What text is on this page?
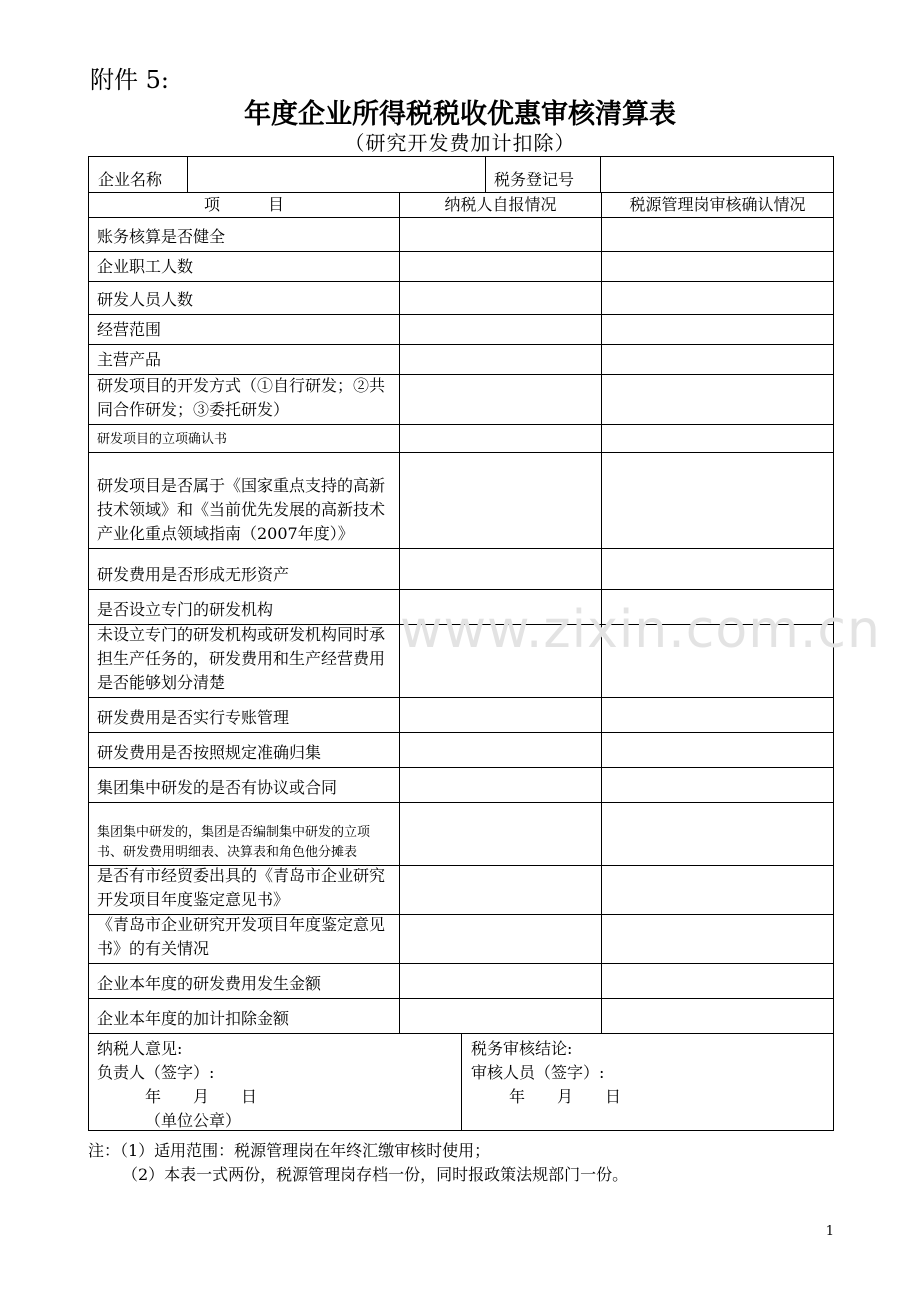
附件 5:
年度企业所得税税收优惠审核清算表
（研究开发费加计扣除）
企业名称	税务登记号
项　　　目	纳税人自报情况	税源管理岗审核确认情况
账务核算是否健全
企业职工人数
研发人员人数
经营范围
主营产品
研发项目的开发方式（①自行研发；②共同合作研发；③委托研发）
研发项目的立项确认书
研发项目是否属于《国家重点支持的高新技术领域》和《当前优先发展的高新技术产业化重点领域指南（2007年度）》
研发费用是否形成无形资产
是否设立专门的研发机构
未设立专门的研发机构或研发机构同时承担生产任务的，研发费用和生产经营费用是否能够划分清楚
研发费用是否实行专账管理
研发费用是否按照规定准确归集
集团集中研发的是否有协议或合同
集团集中研发的，集团是否编制集中研发的立项书、研发费用明细表、决算表和角色他分摊表
是否有市经贸委出具的《青岛市企业研究开发项目年度鉴定意见书》
《青岛市企业研究开发项目年度鉴定意见书》的有关情况
企业本年度的研发费用发生金额
企业本年度的加计扣除金额
纳税人意见:
负责人（签字）:
年　　月　　日
（单位公章）
税务审核结论:
审核人员（签字）:
年　　月　　日
注：（1）适用范围：税源管理岗在年终汇缴审核时使用；
（2）本表一式两份，税源管理岗存档一份，同时报政策法规部门一份。
www.zixin.com.cn
1
